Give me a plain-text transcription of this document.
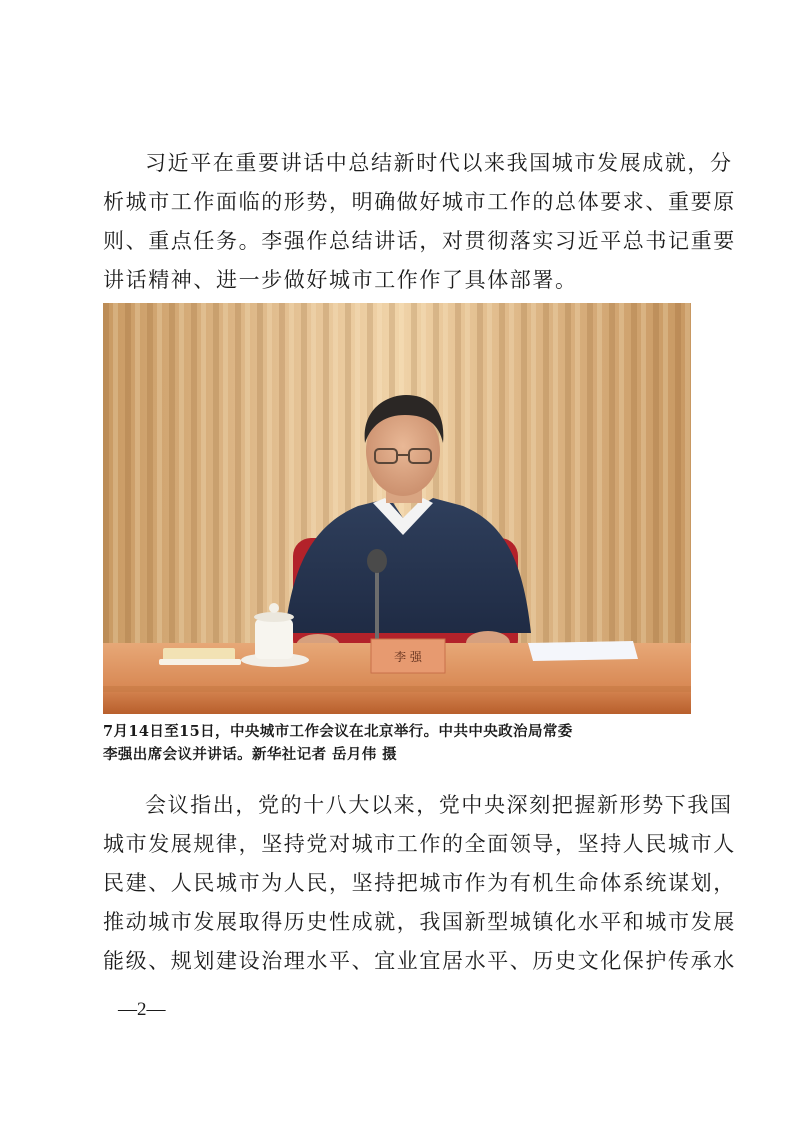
习近平在重要讲话中总结新时代以来我国城市发展成就，分
析城市工作面临的形势，明确做好城市工作的总体要求、重要原
则、重点任务。李强作总结讲话，对贯彻落实习近平总书记重要
讲话精神、进一步做好城市工作作了具体部署。
李 强
7月14日至15日，中央城市工作会议在北京举行。中共中央政治局常委
李强出席会议并讲话。新华社记者 岳月伟 摄
会议指出，党的十八大以来，党中央深刻把握新形势下我国
城市发展规律，坚持党对城市工作的全面领导，坚持人民城市人
民建、人民城市为人民，坚持把城市作为有机生命体系统谋划，
推动城市发展取得历史性成就，我国新型城镇化水平和城市发展
能级、规划建设治理水平、宜业宜居水平、历史文化保护传承水
—2—
